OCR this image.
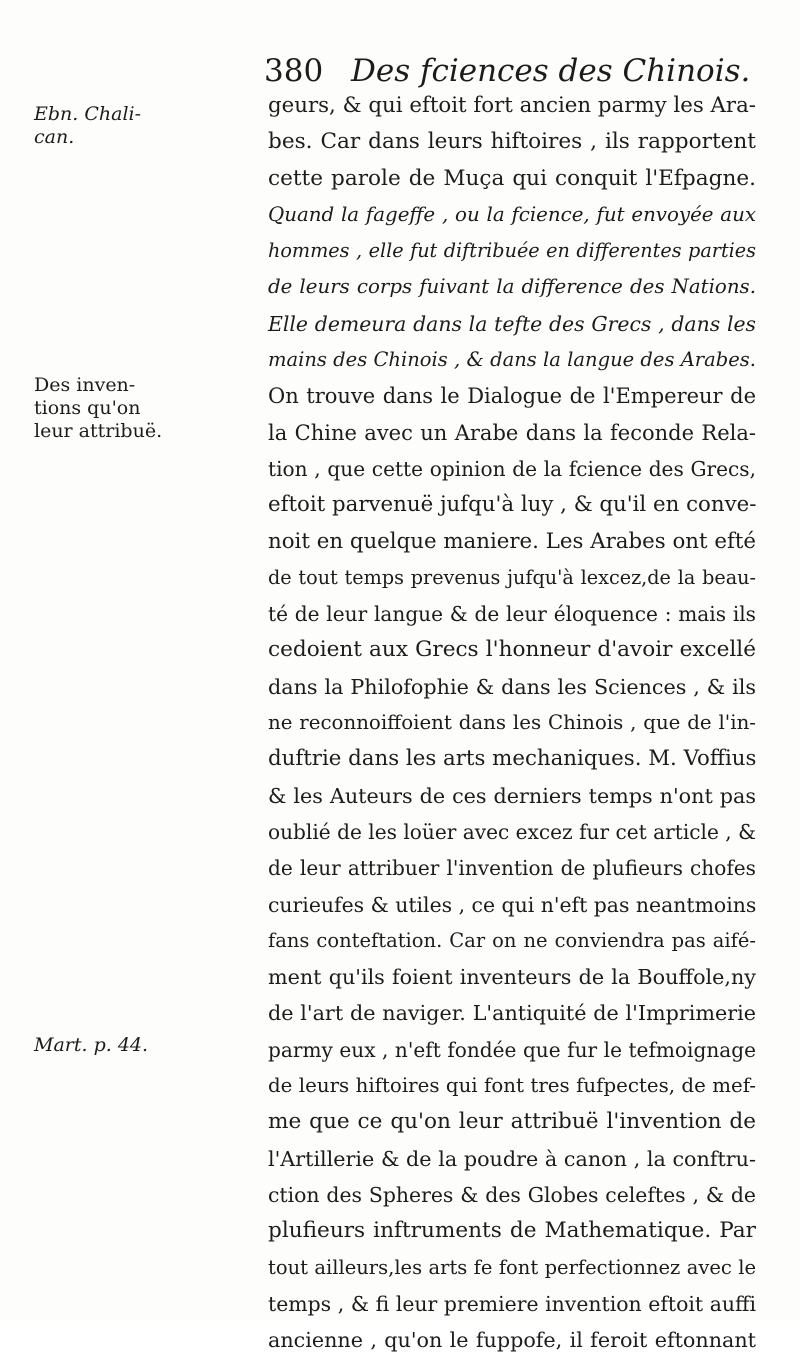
380 Des fciences des Chinois.
Ebn. Chali-
can.
Des inven-
tions qu'on
leur attribuë.
Mart. p. 44.
geurs, & qui eftoit fort ancien parmy les Ara-
bes. Car dans leurs hiftoires , ils rapportent
cette parole de Muça qui conquit l'Efpagne.
Quand la fageffe , ou la fcience, fut envoyée aux
hommes , elle fut diftribuée en differentes parties
de leurs corps fuivant la difference des Nations.
Elle demeura dans la tefte des Grecs , dans les
mains des Chinois , & dans la langue des Arabes.
On trouve dans le Dialogue de l'Empereur de
la Chine avec un Arabe dans la feconde Rela-
tion , que cette opinion de la fcience des Grecs,
eftoit parvenuë jufqu'à luy , & qu'il en conve-
noit en quelque maniere. Les Arabes ont efté
de tout temps prevenus jufqu'à lexcez,de la beau-
té de leur langue & de leur éloquence : mais ils
cedoient aux Grecs l'honneur d'avoir excellé
dans la Philofophie & dans les Sciences , & ils
ne reconnoiffoient dans les Chinois , que de l'in-
duftrie dans les arts mechaniques. M. Voffius
& les Auteurs de ces derniers temps n'ont pas
oublié de les loüer avec excez fur cet article , &
de leur attribuer l'invention de plufieurs chofes
curieufes & utiles , ce qui n'eft pas neantmoins
fans conteftation. Car on ne conviendra pas aifé-
ment qu'ils foient inventeurs de la Bouffole,ny
de l'art de naviger. L'antiquité de l'Imprimerie
parmy eux , n'eft fondée que fur le tefmoignage
de leurs hiftoires qui font tres fufpectes, de mef-
me que ce qu'on leur attribuë l'invention de
l'Artillerie & de la poudre à canon , la conftru-
ction des Spheres & des Globes celeftes , & de
plufieurs inftruments de Mathematique. Par
tout ailleurs,les arts fe font perfectionnez avec le
temps , & fi leur premiere invention eftoit auffi
ancienne , qu'on le fuppofe, il feroit eftonnant
